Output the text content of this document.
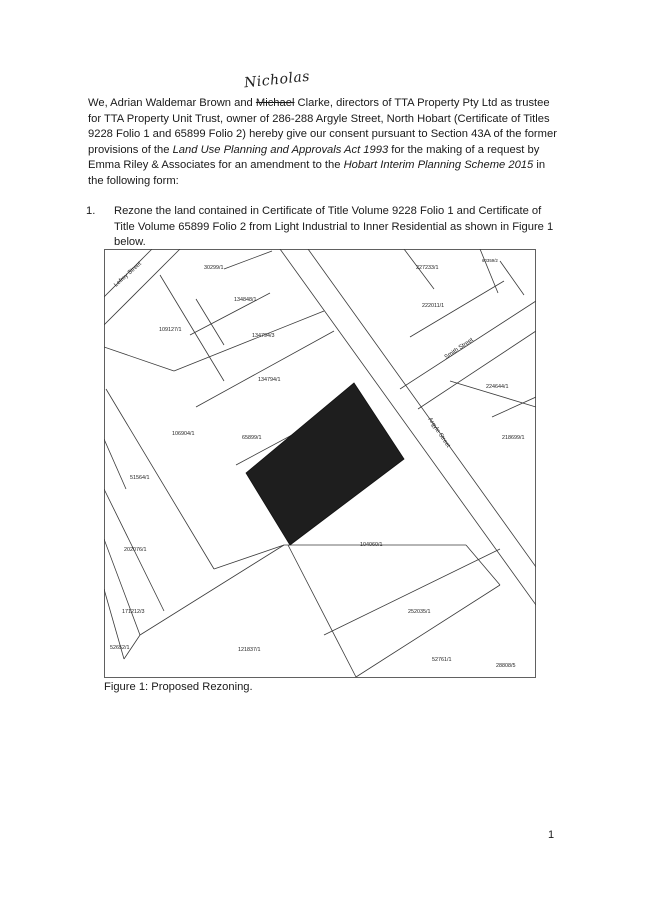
Nicholas
We, Adrian Waldemar Brown and Michael Clarke, directors of TTA Property Pty Ltd as trustee for TTA Property Unit Trust, owner of 286-288 Argyle Street, North Hobart (Certificate of Titles 9228 Folio 1 and 65899 Folio 2) hereby give our consent pursuant to Section 43A of the former provisions of the Land Use Planning and Approvals Act 1993 for the making of a request by Emma Riley & Associates for an amendment to the Hobart Interim Planning Scheme 2015 in the following form:
1. Rezone the land contained in Certificate of Title Volume 9228 Folio 1 and Certificate of Title Volume 65899 Folio 2 from Light Industrial to Inner Residential as shown in Figure 1 below.
30299/1
134848/1
109127/1
134794/3
134794/1
106904/1
65899/1
51564/1
202076/1
171212/3
52652/1	121837/1
104060/1
252035/1
52761/1
28808/5
227233/1
222011/1
60359/2
224644/1
218699/1
Lefroy Street
Smith Street
Argyle Street
Figure 1: Proposed Rezoning.
1
